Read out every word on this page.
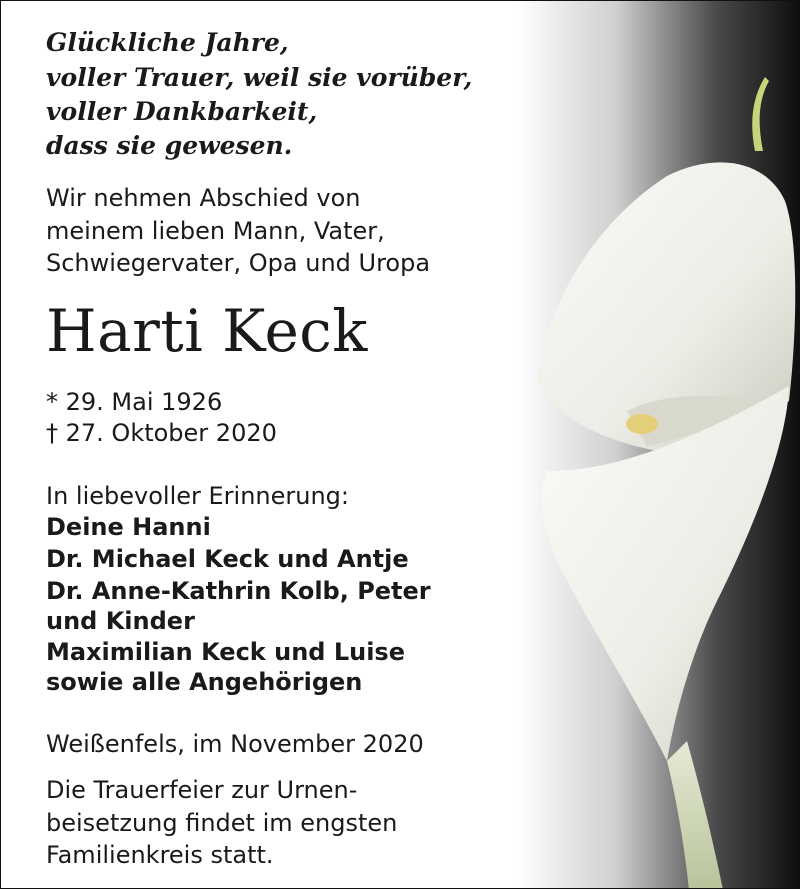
Glückliche Jahre,
voller Trauer, weil sie vorüber,
voller Dankbarkeit,
dass sie gewesen.
Wir nehmen Abschied von
meinem lieben Mann, Vater,
Schwiegervater, Opa und Uropa
Harti Keck
* 29. Mai 1926
† 27. Oktober 2020
In liebevoller Erinnerung:
Deine Hanni
Dr. Michael Keck und Antje
Dr. Anne-Kathrin Kolb, Peter
und Kinder
Maximilian Keck und Luise
sowie alle Angehörigen
Weißenfels, im November 2020
Die Trauerfeier zur Urnen-
beisetzung findet im engsten
Familienkreis statt.
